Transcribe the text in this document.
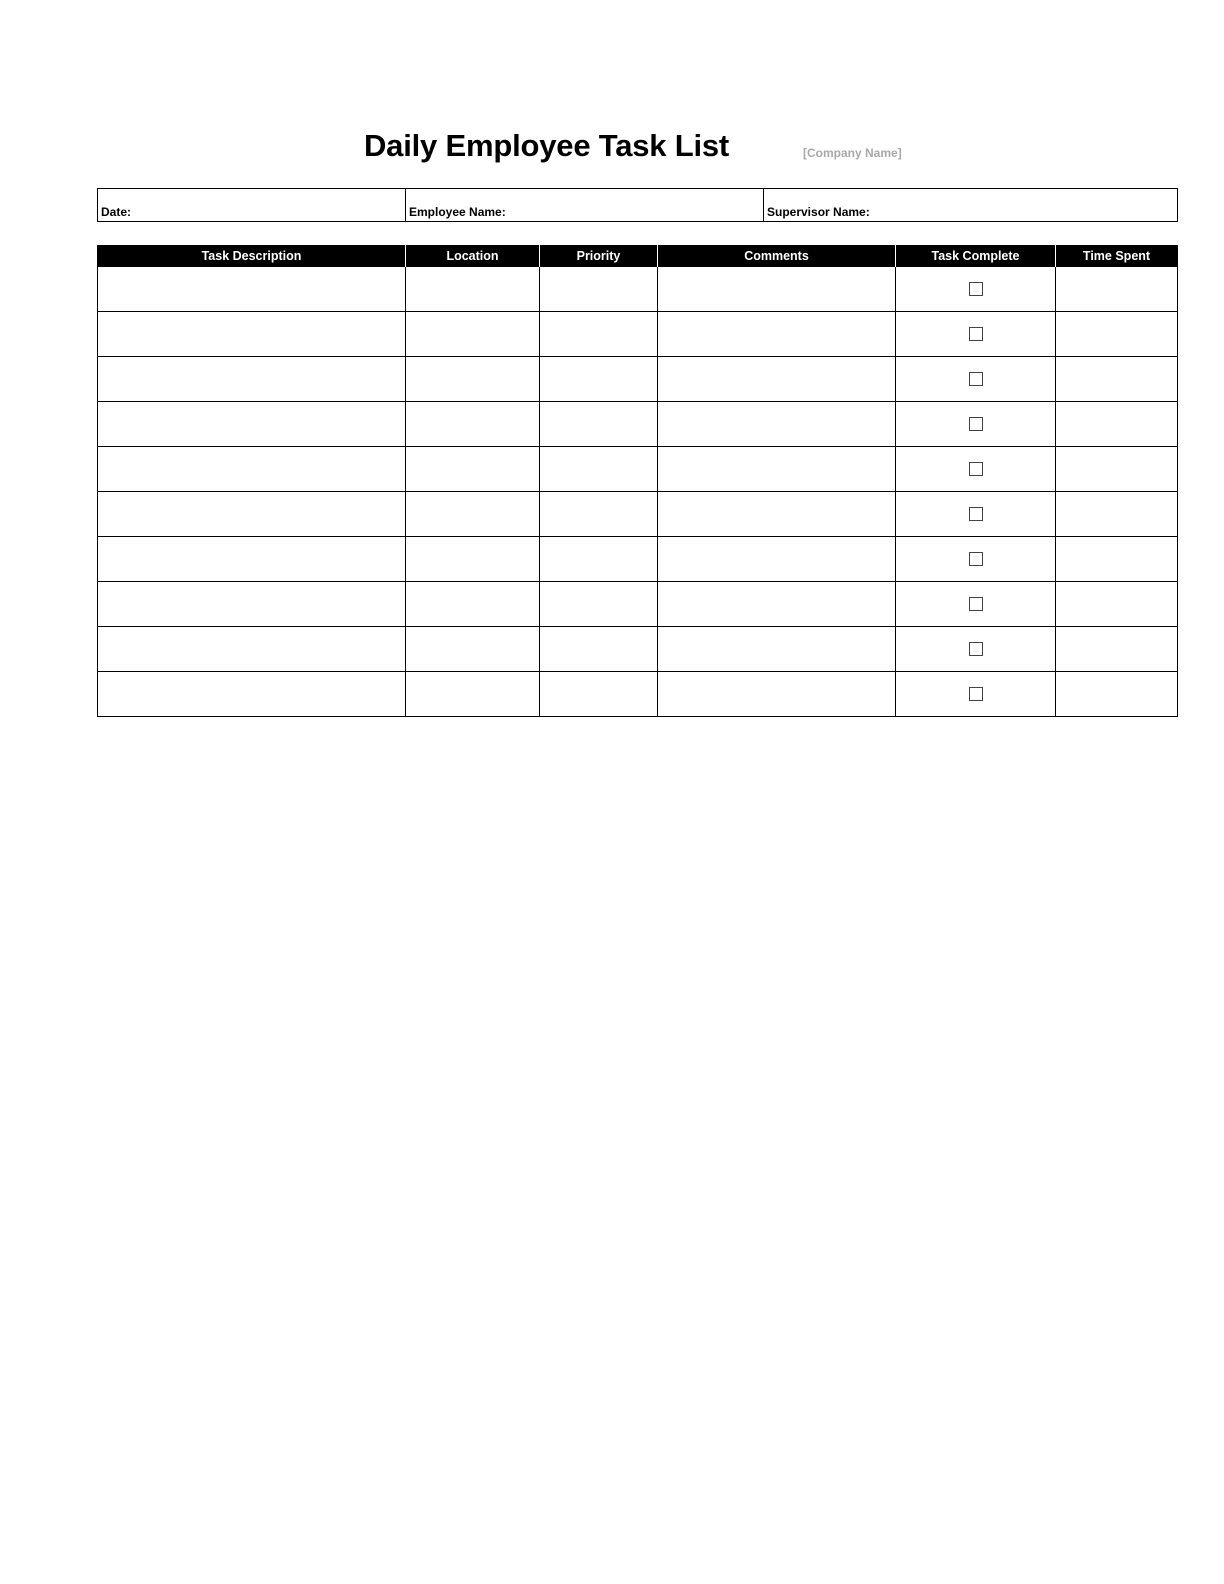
Daily Employee Task List	[Company Name]
Date:	Employee Name:	Supervisor Name:
Task Description	Location	Priority	Comments	Task Complete	Time Spent
